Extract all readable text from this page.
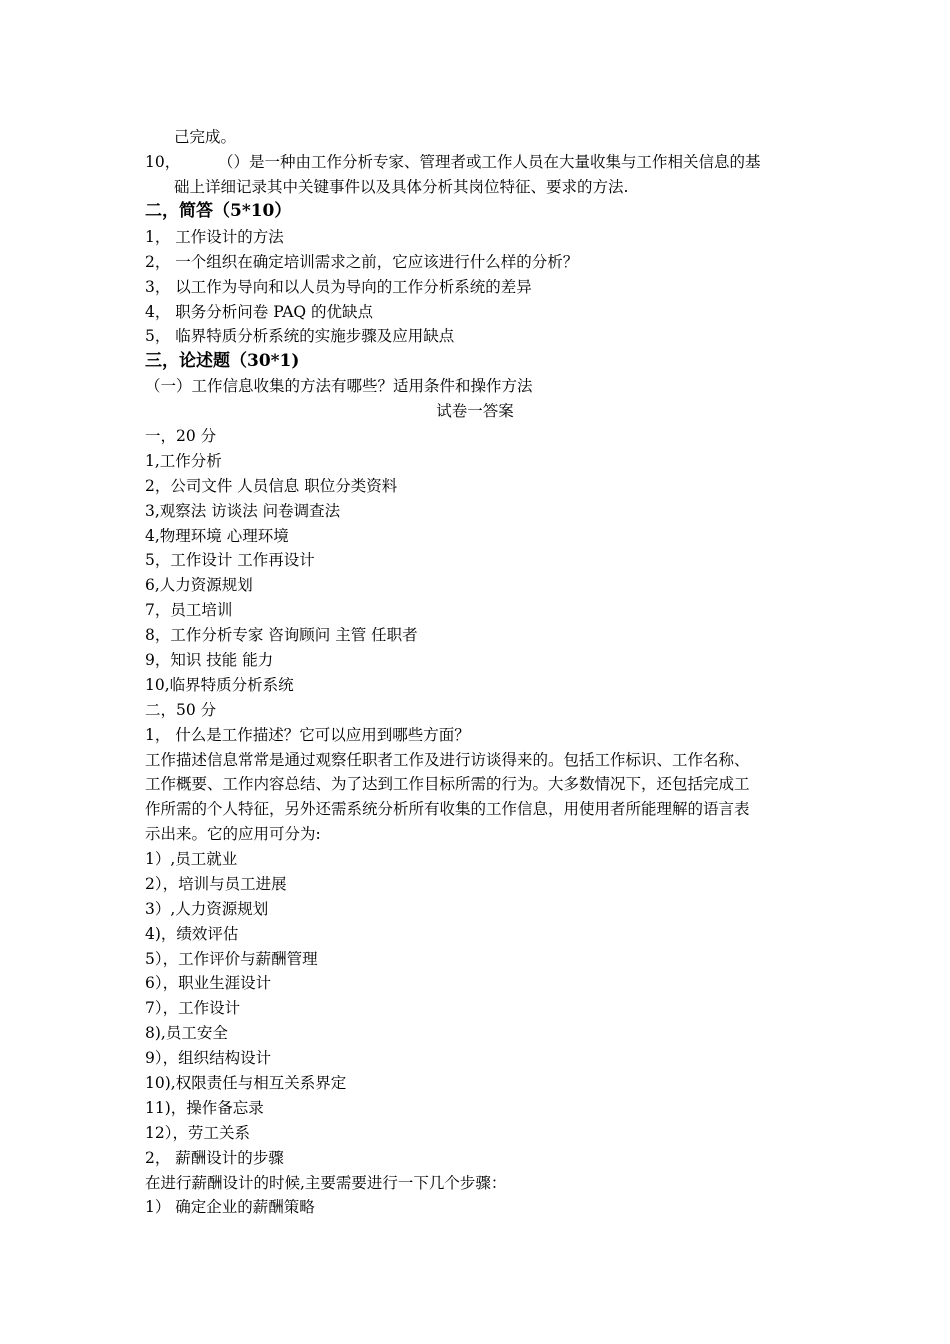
己完成。
10， （）是一种由工作分析专家、管理者或工作人员在大量收集与工作相关信息的基
础上详细记录其中关键事件以及具体分析其岗位特征、要求的方法.
二，简答（5*10）
1， 工作设计的方法
2， 一个组织在确定培训需求之前，它应该进行什么样的分析？
3， 以工作为导向和以人员为导向的工作分析系统的差异
4， 职务分析问卷 PAQ 的优缺点
5， 临界特质分析系统的实施步骤及应用缺点
三，论述题（30*1)
（一）工作信息收集的方法有哪些？适用条件和操作方法
试卷一答案
一，20 分
1,工作分析
2，公司文件 人员信息 职位分类资料
3,观察法 访谈法 问卷调查法
4,物理环境 心理环境
5，工作设计 工作再设计
6,人力资源规划
7，员工培训
8，工作分析专家 咨询顾问 主管 任职者
9，知识 技能 能力
10,临界特质分析系统
二，50 分
1， 什么是工作描述？它可以应用到哪些方面？
工作描述信息常常是通过观察任职者工作及进行访谈得来的。包括工作标识、工作名称、
工作概要、工作内容总结、为了达到工作目标所需的行为。大多数情况下，还包括完成工
作所需的个人特征，另外还需系统分析所有收集的工作信息，用使用者所能理解的语言表
示出来。它的应用可分为:
1）,员工就业
2），培训与员工进展
3）,人力资源规划
4)，绩效评估
5），工作评价与薪酬管理
6），职业生涯设计
7），工作设计
8),员工安全
9），组织结构设计
10),权限责任与相互关系界定
11)，操作备忘录
12），劳工关系
2， 薪酬设计的步骤
在进行薪酬设计的时候,主要需要进行一下几个步骤：
1） 确定企业的薪酬策略
